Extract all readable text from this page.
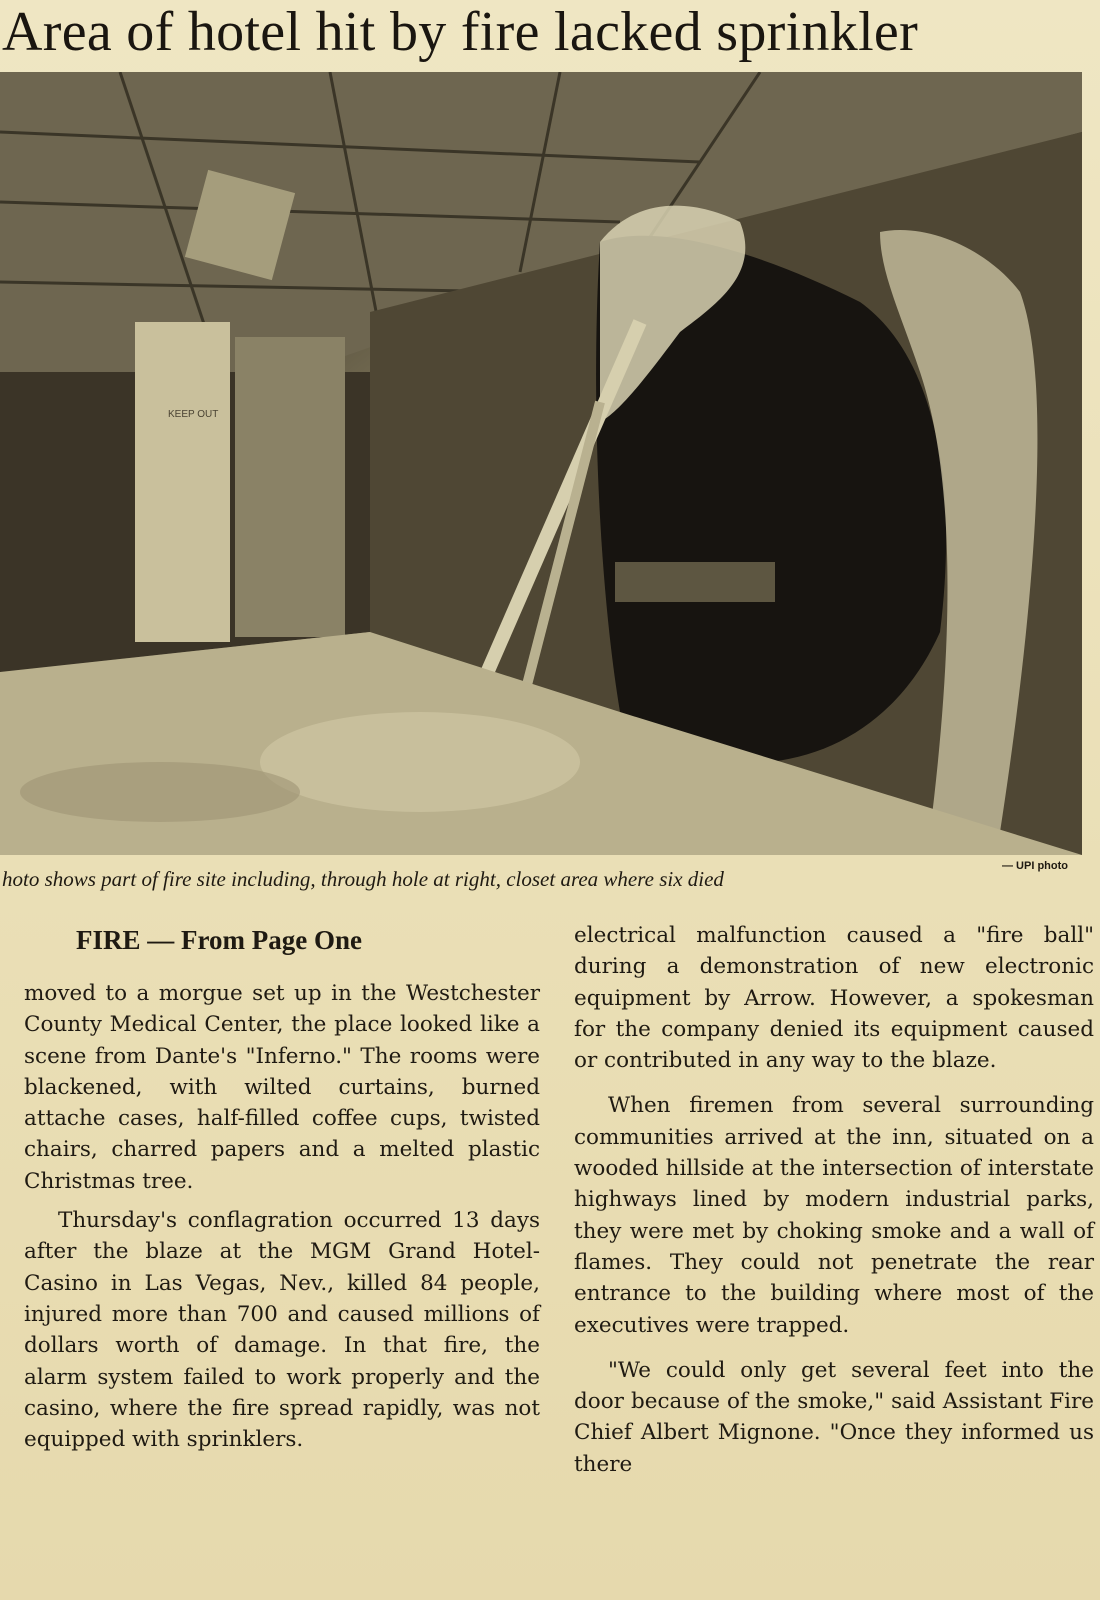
Area of hotel hit by fire lacked sprinkler
KEEP OUT
— UPI photo
hoto shows part of fire site including, through hole at right, closet area where six died
FIRE — From Page One

moved to a morgue set up in the Westchester County Medical Center, the place looked like a scene from Dante's "Inferno." The rooms were blackened, with wilted curtains, burned attache cases, half-filled coffee cups, twisted chairs, charred papers and a melted plastic Christmas tree.

Thursday's conflagration occurred 13 days after the blaze at the MGM Grand Hotel-Casino in Las Vegas, Nev., killed 84 people, injured more than 700 and caused millions of dollars worth of damage. In that fire, the alarm system failed to work properly and the casino, where the fire spread rapidly, was not equipped with sprinklers.

electrical malfunction caused a "fire ball" during a demonstration of new electronic equipment by Arrow. However, a spokesman for the company denied its equipment caused or contributed in any way to the blaze.

When firemen from several surrounding communities arrived at the inn, situated on a wooded hillside at the intersection of interstate highways lined by modern industrial parks, they were met by choking smoke and a wall of flames. They could not penetrate the rear entrance to the building where most of the executives were trapped.

"We could only get several feet into the door because of the smoke," said Assistant Fire Chief Albert Mignone. "Once they informed us there
